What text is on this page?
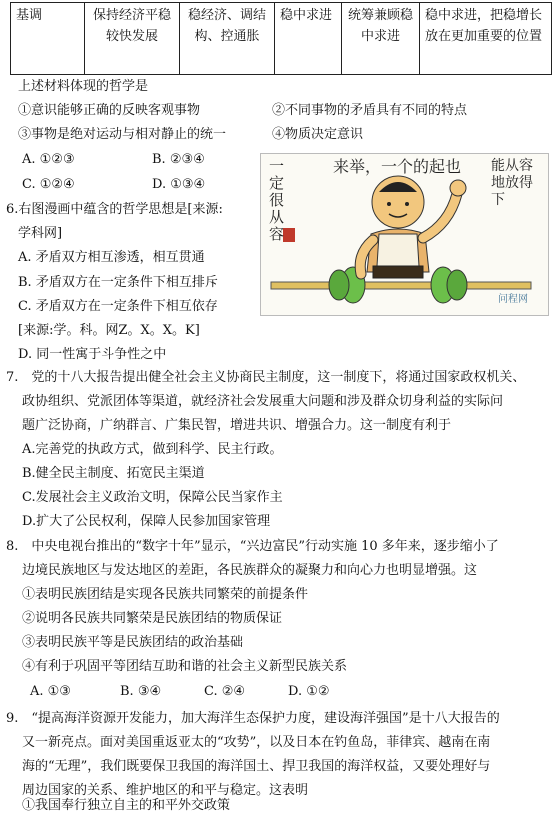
基调	保持经济平稳较快发展	稳经济、调结构、控通胀	稳中求进	统筹兼顾稳中求进	稳中求进，把稳增长放在更加重要的位置
上述材料体现的哲学是
①意识能够正确的反映客观事物	②不同事物的矛盾具有不同的特点
③事物是绝对运动与相对静止的统一	④物质决定意识
A. ①②③	B. ②③④
C. ①②④	D. ①③④
6.右图漫画中蕴含的哲学思想是[来源:
学科网]
A. 矛盾双方相互渗透，相互贯通
B. 矛盾双方在一定条件下相互排斥
C. 矛盾双方在一定条件下相互依存
[来源:学。科。网Z。X。X。K]
D. 同一性寓于斗争性之中
一定很从容
来举，一个的起也 能从容地放得下
问程网
7.　党的十八大报告提出健全社会主义协商民主制度，这一制度下，将通过国家政权机关、
政协组织、党派团体等渠道，就经济社会发展重大问题和涉及群众切身利益的实际问
题广泛协商，广纳群言、广集民智，增进共识、增强合力。这一制度有利于
A.完善党的执政方式，做到科学、民主行政。
B.健全民主制度、拓宽民主渠道
C.发展社会主义政治文明，保障公民当家作主
D.扩大了公民权利，保障人民参加国家管理
8.　中央电视台推出的“数字十年”显示，“兴边富民”行动实施 10 多年来，逐步缩小了
边境民族地区与发达地区的差距，各民族群众的凝聚力和向心力也明显增强。这
①表明民族团结是实现各民族共同繁荣的前提条件
②说明各民族共同繁荣是民族团结的物质保证
③表明民族平等是民族团结的政治基础
④有利于巩固平等团结互助和谐的社会主义新型民族关系
A. ①③	B. ③④	C. ②④	D. ①②
9.　“提高海洋资源开发能力，加大海洋生态保护力度，建设海洋强国”是十八大报告的
又一新亮点。面对美国重返亚太的“攻势”，以及日本在钓鱼岛，菲律宾、越南在南
海的“无理”，我们既要保卫我国的海洋国土、捍卫我国的海洋权益，又要处理好与
周边国家的关系、维护地区的和平与稳定。这表明
①我国奉行独立自主的和平外交政策
